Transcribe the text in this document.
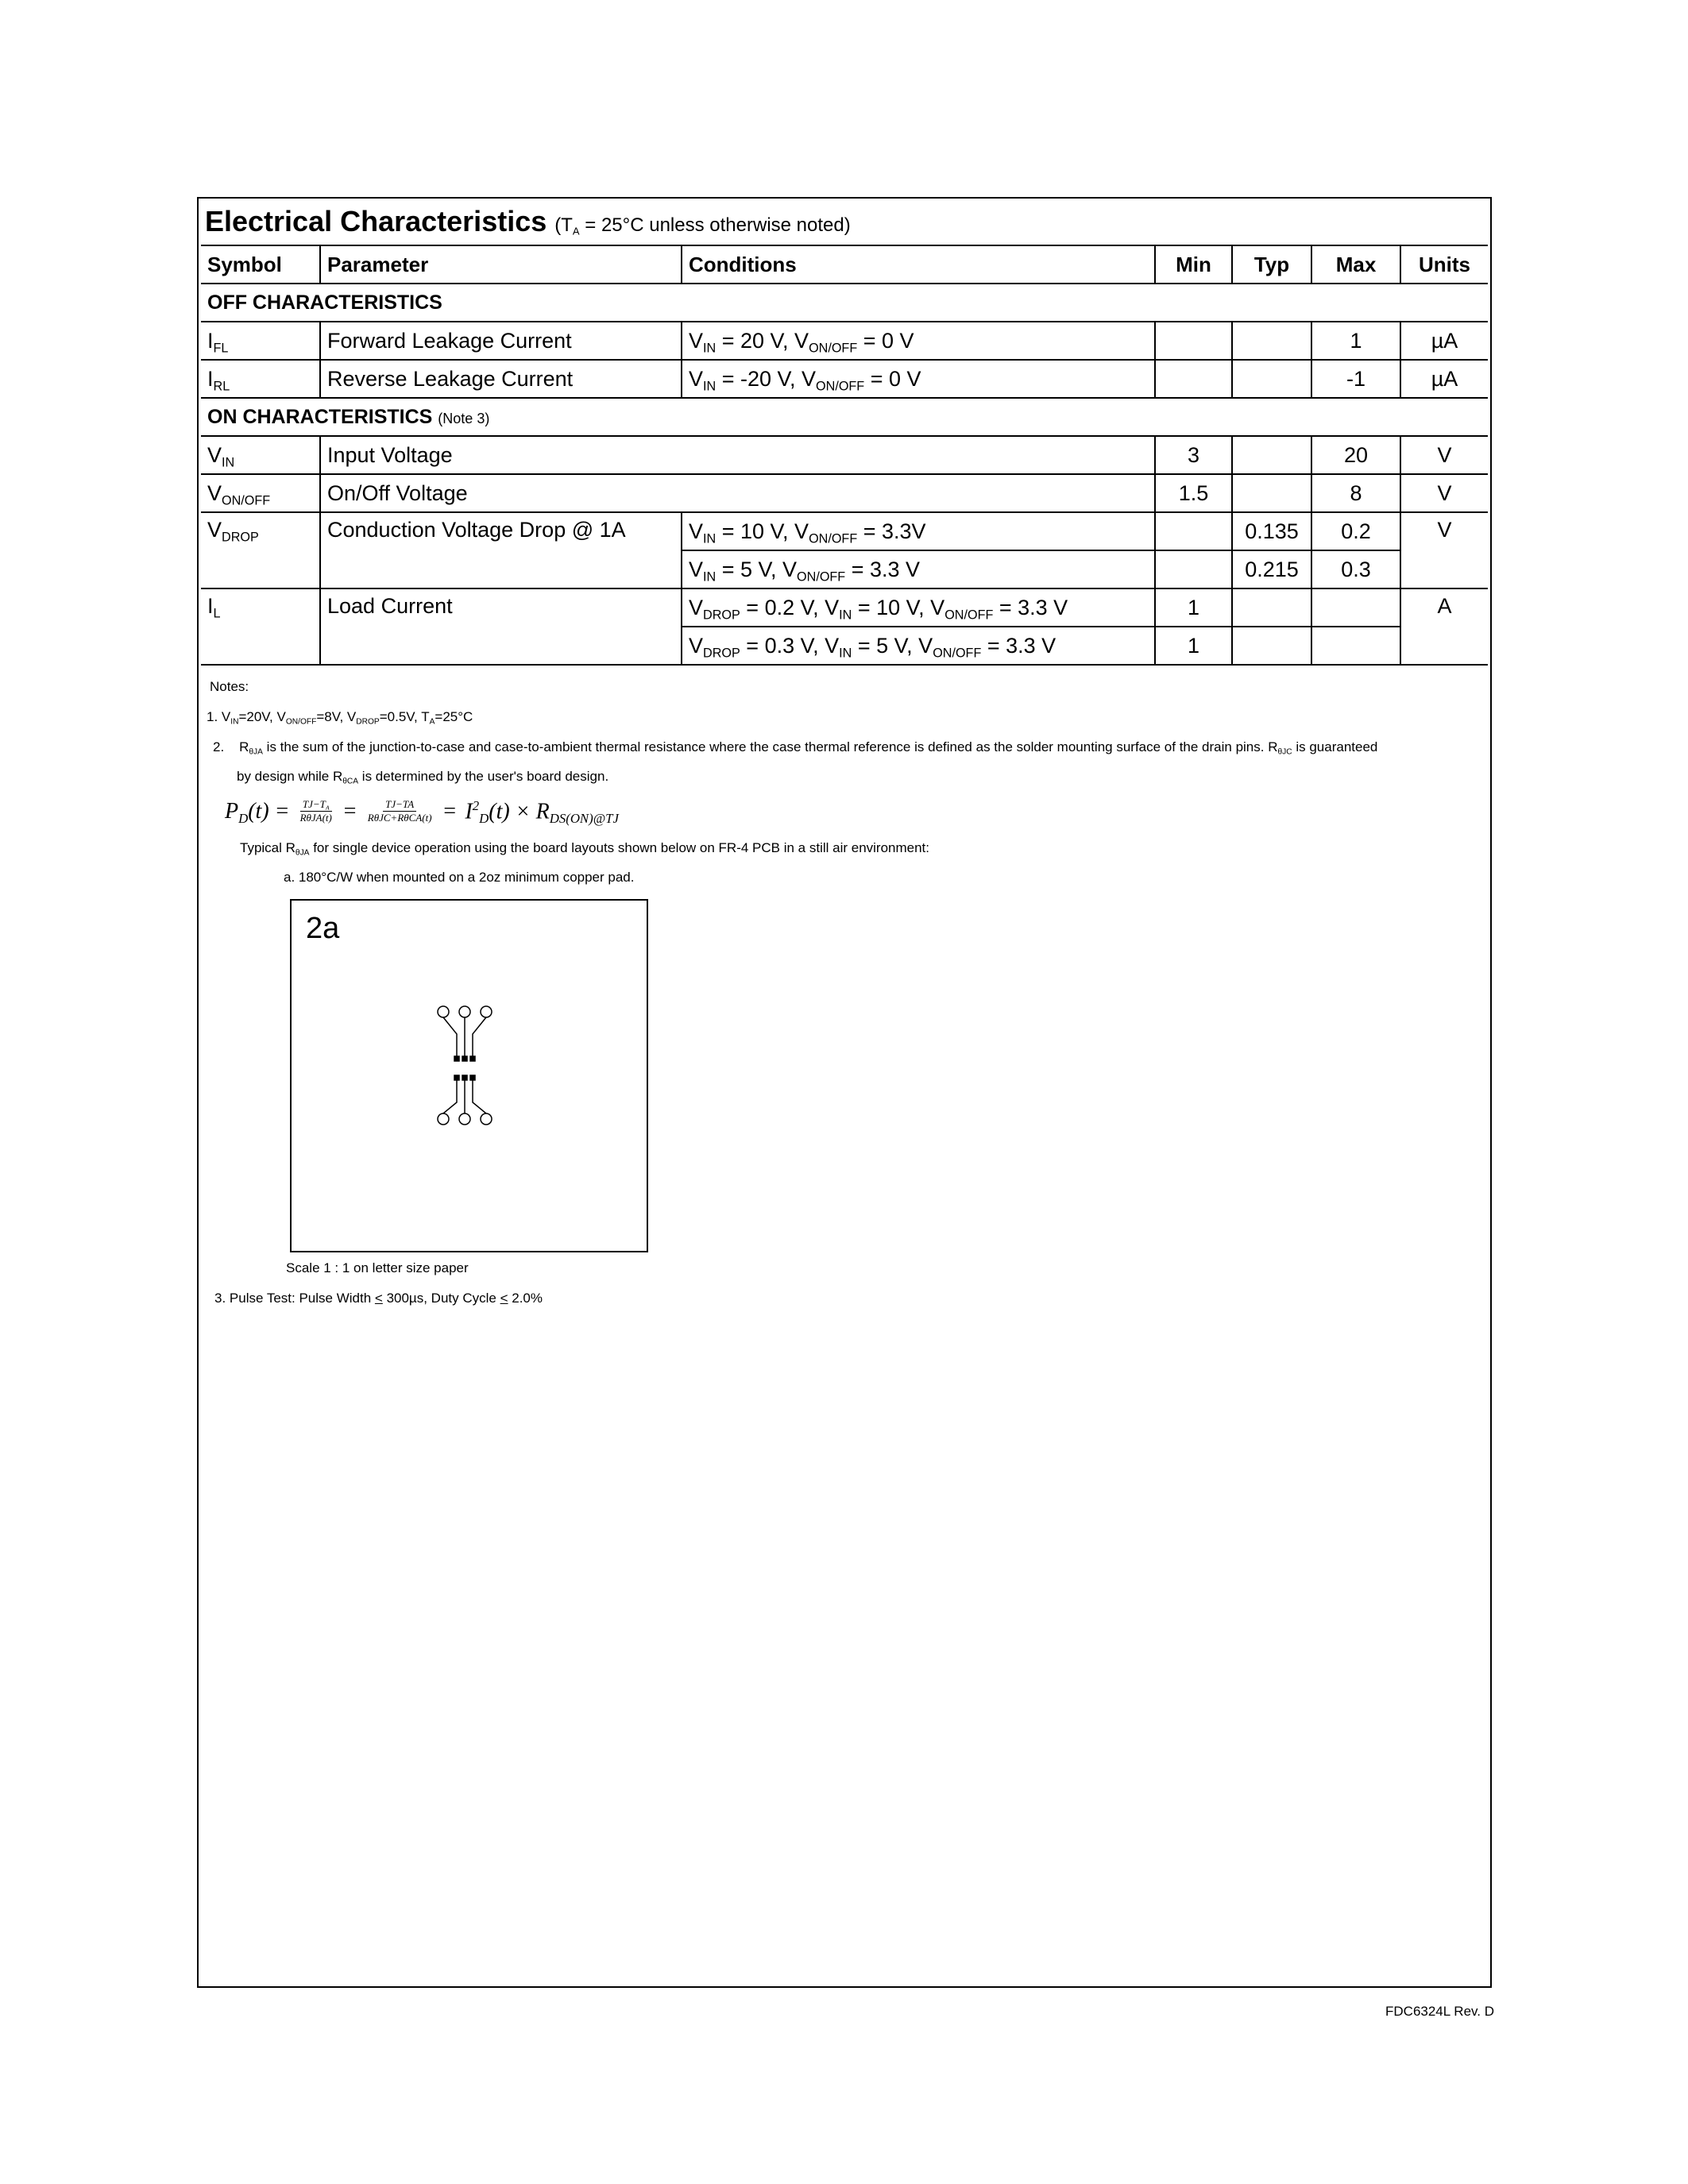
Electrical Characteristics ($T_A = 25^\circ C$ unless otherwise noted)
Symbol	Parameter	Conditions	Min	Typ	Max	Units
OFF CHARACTERISTICS						
$I_{FL}$	Forward Leakage Current	$V_{IN} = 20$ V, $V_{ON/OFF} = 0$ V			1	µA
$I_{RL}$	Reverse Leakage Current	$V_{IN} = -20$ V, $V_{ON/OFF} = 0$ V			-1	µA
ON CHARACTERISTICS (Note 3)						
$V_{IN}$	Input Voltage		3		20	V
$V_{ON/OFF}$	On/Off Voltage		1.5		8	V
$V_{DROP}$	Conduction Voltage Drop @ 1A	$V_{IN} = 10$ V, $V_{ON/OFF} = 3.3V$		0.135	0.2	V
		$V_{IN} = 5$ V, $V_{ON/OFF} = 3.3$ V		0.215	0.3	
$I_L$	Load Current	$V_{DROP} = 0.2$ V, $V_{IN} = 10$ V, $V_{ON/OFF} = 3.3$ V	1			A
		$V_{DROP} = 0.3$ V, $V_{IN} = 5$ V, $V_{ON/OFF} = 3.3$ V	1			
Notes:
1. $V_{IN}=20V$, $V_{ON/OFF}=8V$, $V_{DROP}=0.5V$, $T_A=25^\circ C$
2. $R_{\theta JA}$ is the sum of the junction-to-case and case-to-ambient thermal resistance where the case thermal reference is defined as the solder mounting surface of the drain pins. $R_{\theta JC}$ is guaranteed
by design while $R_{\theta CA}$ is determined by the user's board design.
$P_D(t) = \frac{TJ-T_A}{\text{RθJA(t)}} = \frac{TJ-TA}{\text{RθJC+RθCA(t)}} = I^2_D(t) \times R_{DS(ON)@TJ}$
Typical $R_{\theta JA}$ for single device operation using the board layouts shown below on FR-4 PCB in a still air environment:
a. 180°C/W when mounted on a 2oz minimum copper pad.
2a
Scale 1 : 1 on letter size paper
3. Pulse Test: Pulse Width < 300µs, Duty Cycle < 2.0%
FDC6324L Rev. D
